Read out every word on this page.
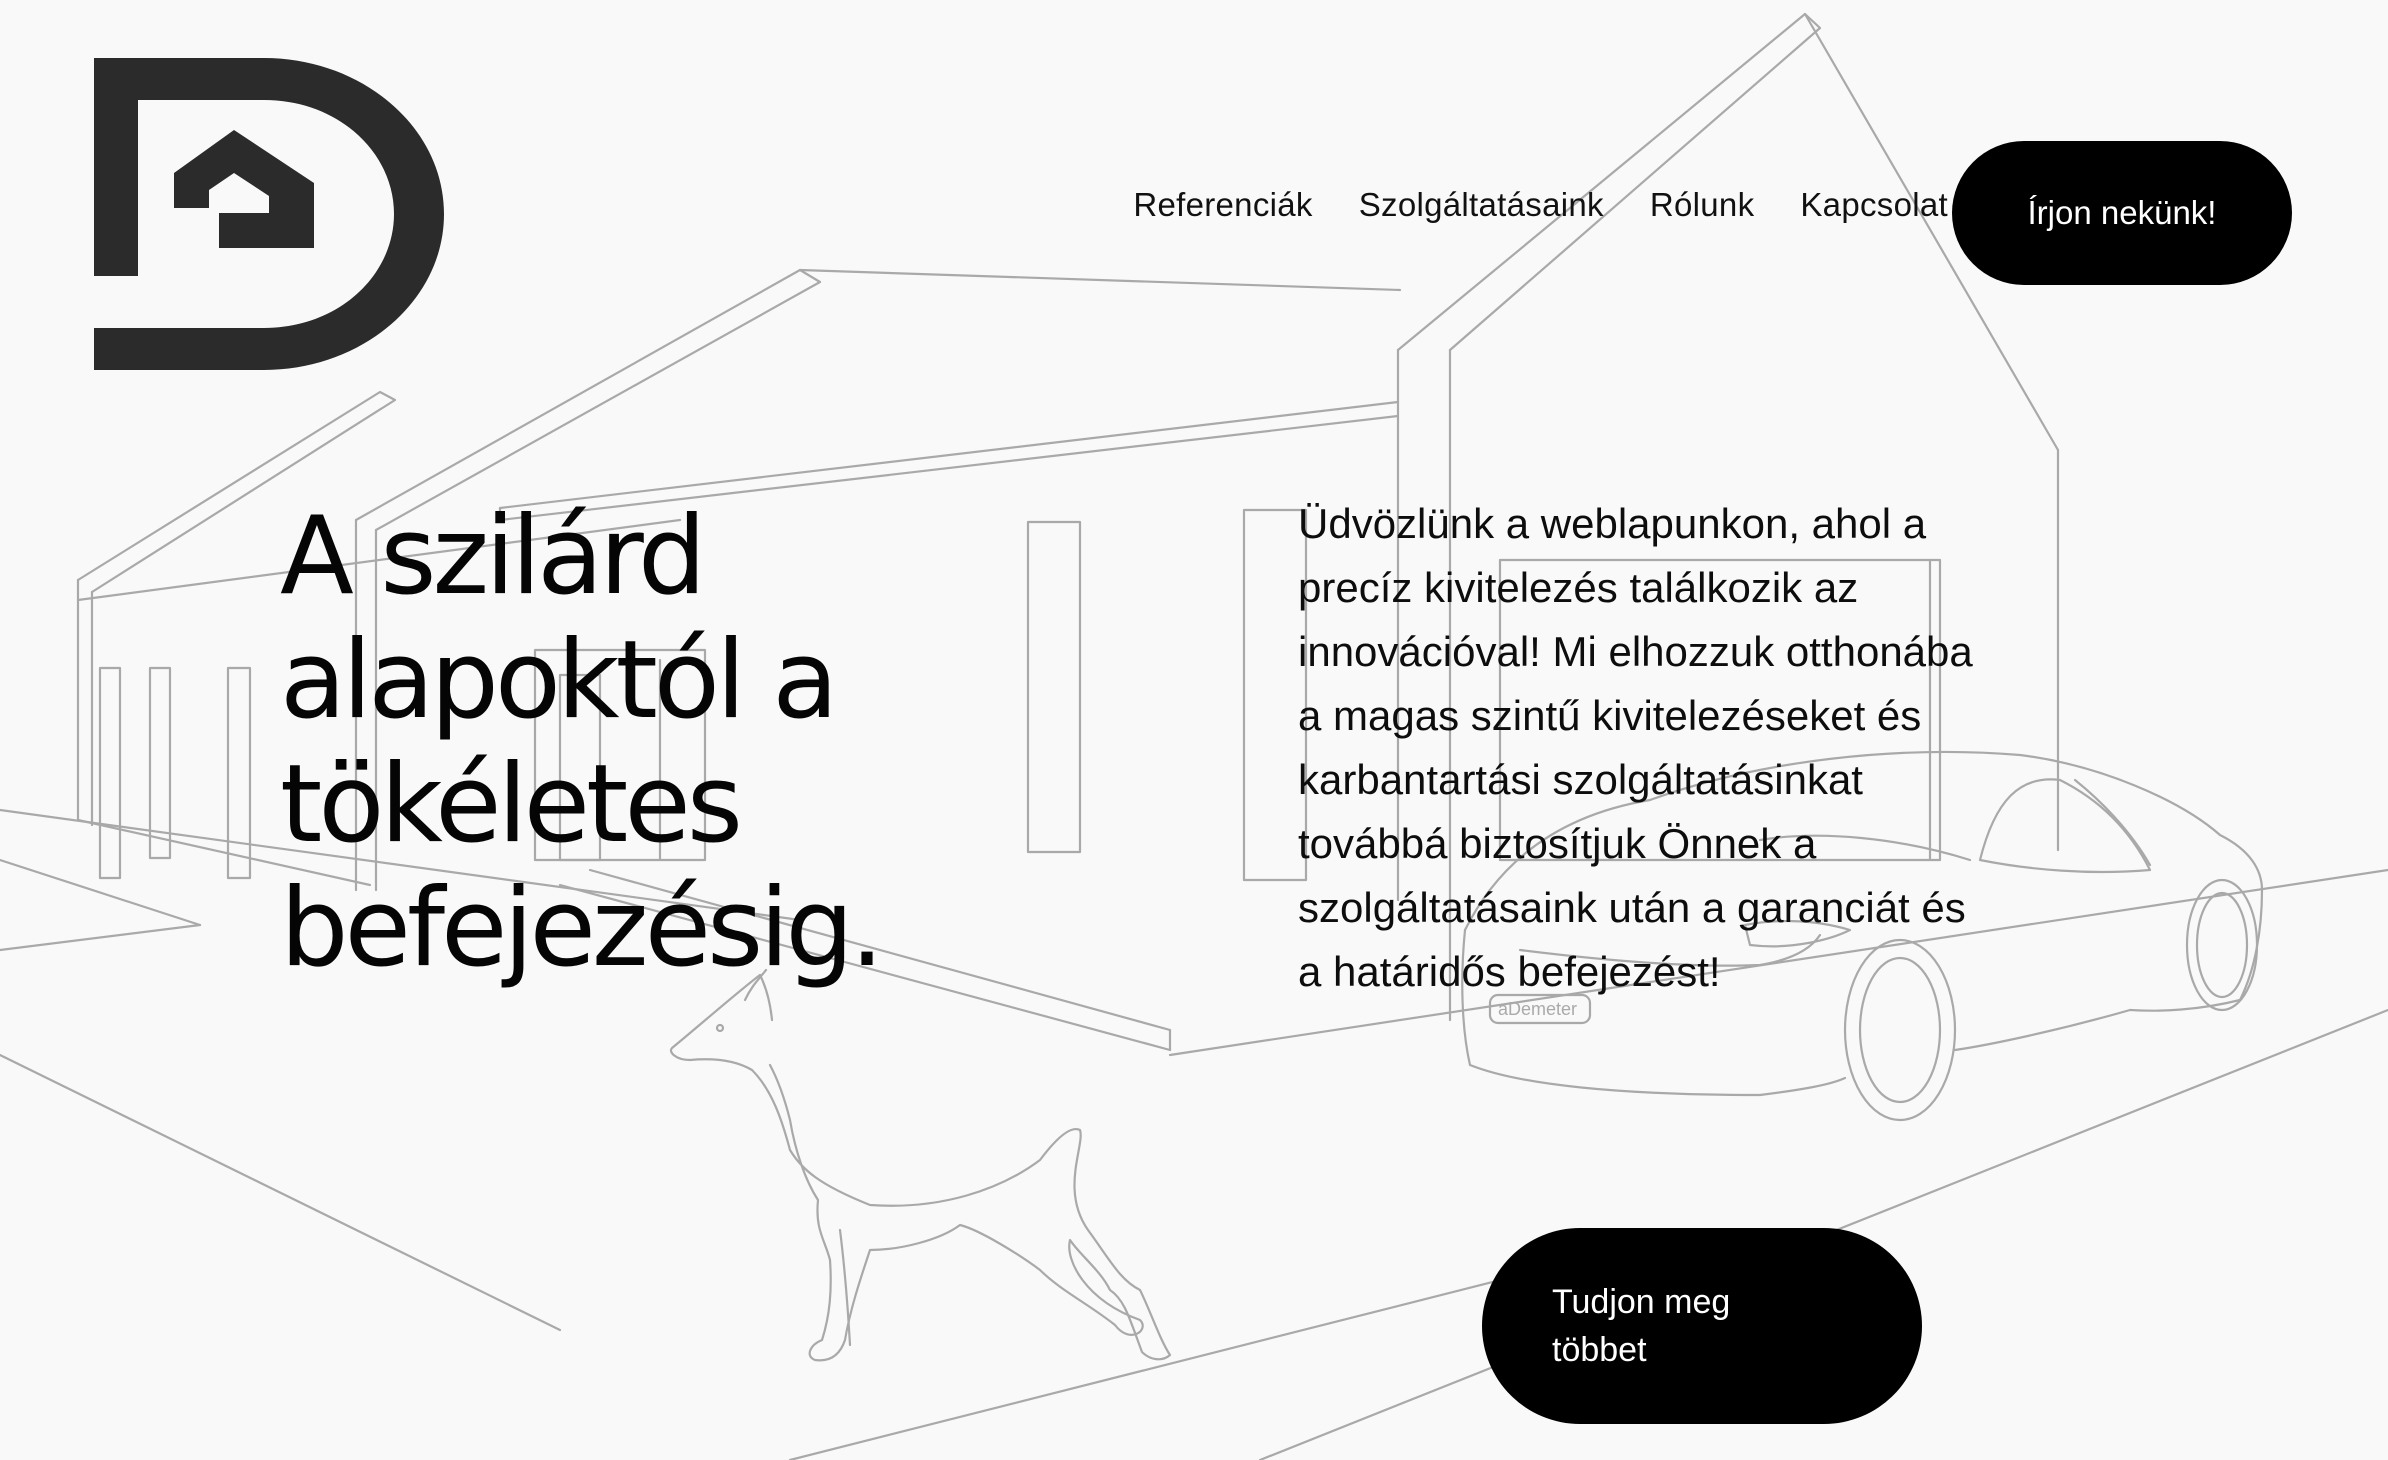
aDemeter
Referenciák Szolgáltatásaink Rólunk Kapcsolat	Írjon nekünk!
A szilárd alapoktól a tökéletes befejezésig.

Üdvözlünk a weblapunkon, ahol a precíz kivitelezés találkozik az innovációval! Mi elhozzuk otthonába a magas szintű kivitelezéseket és karbantartási szolgáltatásinkat továbbá biztosítjuk Önnek a szolgáltatásaink után a garanciát és a határidős befejezést!

Tudjon meg többet
